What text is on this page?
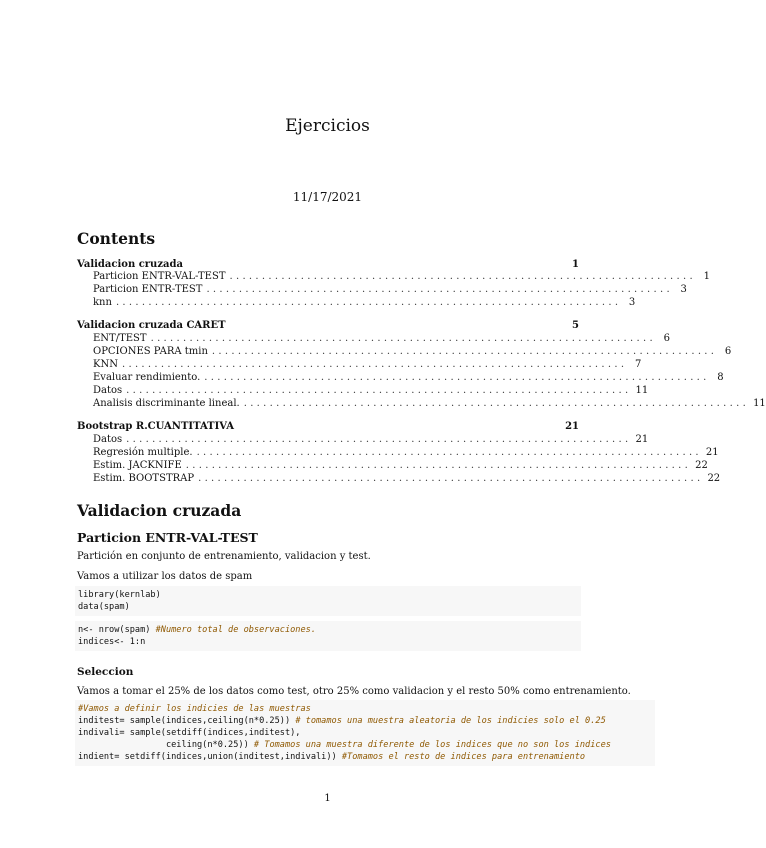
Ejercicios
11/17/2021
Contents
Validacion cruzada	1
Particion ENTR-VAL-TEST ........................................................................ 1
Particion ENTR-TEST ........................................................................ 3
knn .............................................................................. 3
Validacion cruzada CARET	5
ENT/TEST .............................................................................. 6
OPCIONES PARA tmin .............................................................................. 6
KNN .............................................................................. 7
Evaluar rendimiento. .............................................................................. 8
Datos .............................................................................. 11
Analisis discriminante lineal. .............................................................................. 11
Bootstrap R.CUANTITATIVA	21
Datos .............................................................................. 21
Regresión multiple. .............................................................................. 21
Estim. JACKNIFE .............................................................................. 22
Estim. BOOTSTRAP .............................................................................. 22
Validacion cruzada
Particion ENTR-VAL-TEST
Partición en conjunto de entrenamiento, validacion y test.
Vamos a utilizar los datos de spam
library(kernlab)
data(spam)
n<- nrow(spam) #Numero total de observaciones.
indices<- 1:n
Seleccion
Vamos a tomar el 25% de los datos como test, otro 25% como validacion y el resto 50% como entrenamiento.
#Vamos a definir los indicies de las muestras
inditest= sample(indices,ceiling(n*0.25)) # tomamos una muestra aleatoria de los indicies solo el 0.25
indivali= sample(setdiff(indices,inditest),
ceiling(n*0.25)) # Tomamos una muestra diferente de los indices que no son los indices
indient= setdiff(indices,union(inditest,indivali)) #Tomamos el resto de indices para entrenamiento
1
